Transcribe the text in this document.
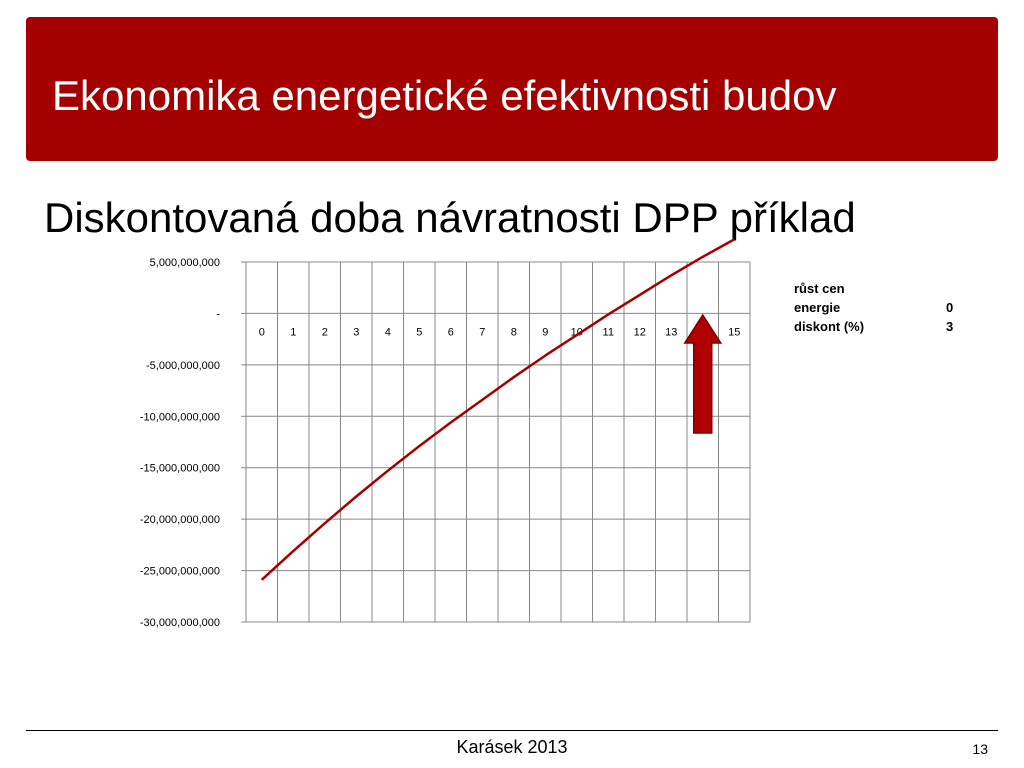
Ekonomika energetické efektivnosti budov
Diskontovaná doba návratnosti DPP příklad
5,000,000,000
-
-5,000,000,000
-10,000,000,000
-15,000,000,000
-20,000,000,000
-25,000,000,000
-30,000,000,000
0 1 2 3 4 5 6 7 8 9 10 11 12 13	15
růst cen
energie	0
diskont (%)	3
Karásek 2013	13
